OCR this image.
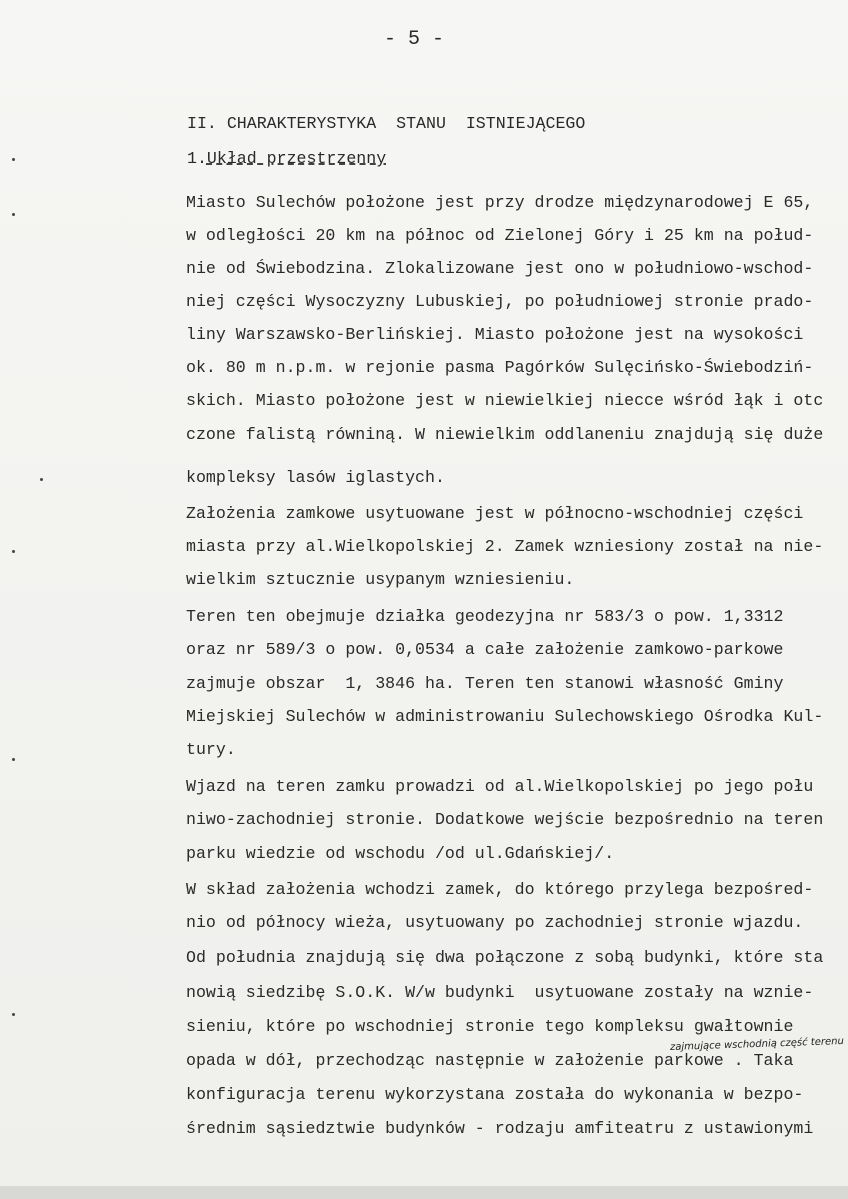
- 5 -
II. CHARAKTERYSTYKA  STANU  ISTNIEJĄCEGO
1.Układ przestrzenny
Miasto Sulechów położone jest przy drodze międzynarodowej E 65,
w odległości 20 km na północ od Zielonej Góry i 25 km na połud-
nie od Świebodzina. Zlokalizowane jest ono w południowo-wschod-
niej części Wysoczyzny Lubuskiej, po południowej stronie prado-
liny Warszawsko-Berlińskiej. Miasto położone jest na wysokości
ok. 80 m n.p.m. w rejonie pasma Pagórków Sulęcińsko-Świebodziń-
skich. Miasto położone jest w niewielkiej niecce wśród łąk i otc
czone falistą równiną. W niewielkim oddlaneniu znajdują się duże
kompleksy lasów iglastych.
Założenia zamkowe usytuowane jest w północno-wschodniej części
miasta przy al.Wielkopolskiej 2. Zamek wzniesiony został na nie-
wielkim sztucznie usypanym wzniesieniu.
Teren ten obejmuje działka geodezyjna nr 583/3 o pow. 1,3312
oraz nr 589/3 o pow. 0,0534 a całe założenie zamkowo-parkowe
zajmuje obszar  1, 3846 ha. Teren ten stanowi własność Gminy
Miejskiej Sulechów w administrowaniu Sulechowskiego Ośrodka Kul-
tury.
Wjazd na teren zamku prowadzi od al.Wielkopolskiej po jego połu
niwo-zachodniej stronie. Dodatkowe wejście bezpośrednio na teren
parku wiedzie od wschodu /od ul.Gdańskiej/.
W skład założenia wchodzi zamek, do którego przylega bezpośred-
nio od północy wieża, usytuowany po zachodniej stronie wjazdu.
Od południa znajdują się dwa połączone z sobą budynki, które sta
nowią siedzibę S.O.K. W/w budynki  usytuowane zostały na wznie-
sieniu, które po wschodniej stronie tego kompleksu gwałtownie
opada w dół, przechodząc następnie w założenie parkowe . Taka
konfiguracja terenu wykorzystana została do wykonania w bezpo-
średnim sąsiedztwie budynków - rodzaju amfiteatru z ustawionymi
zajmujące wschodnią część terenu
